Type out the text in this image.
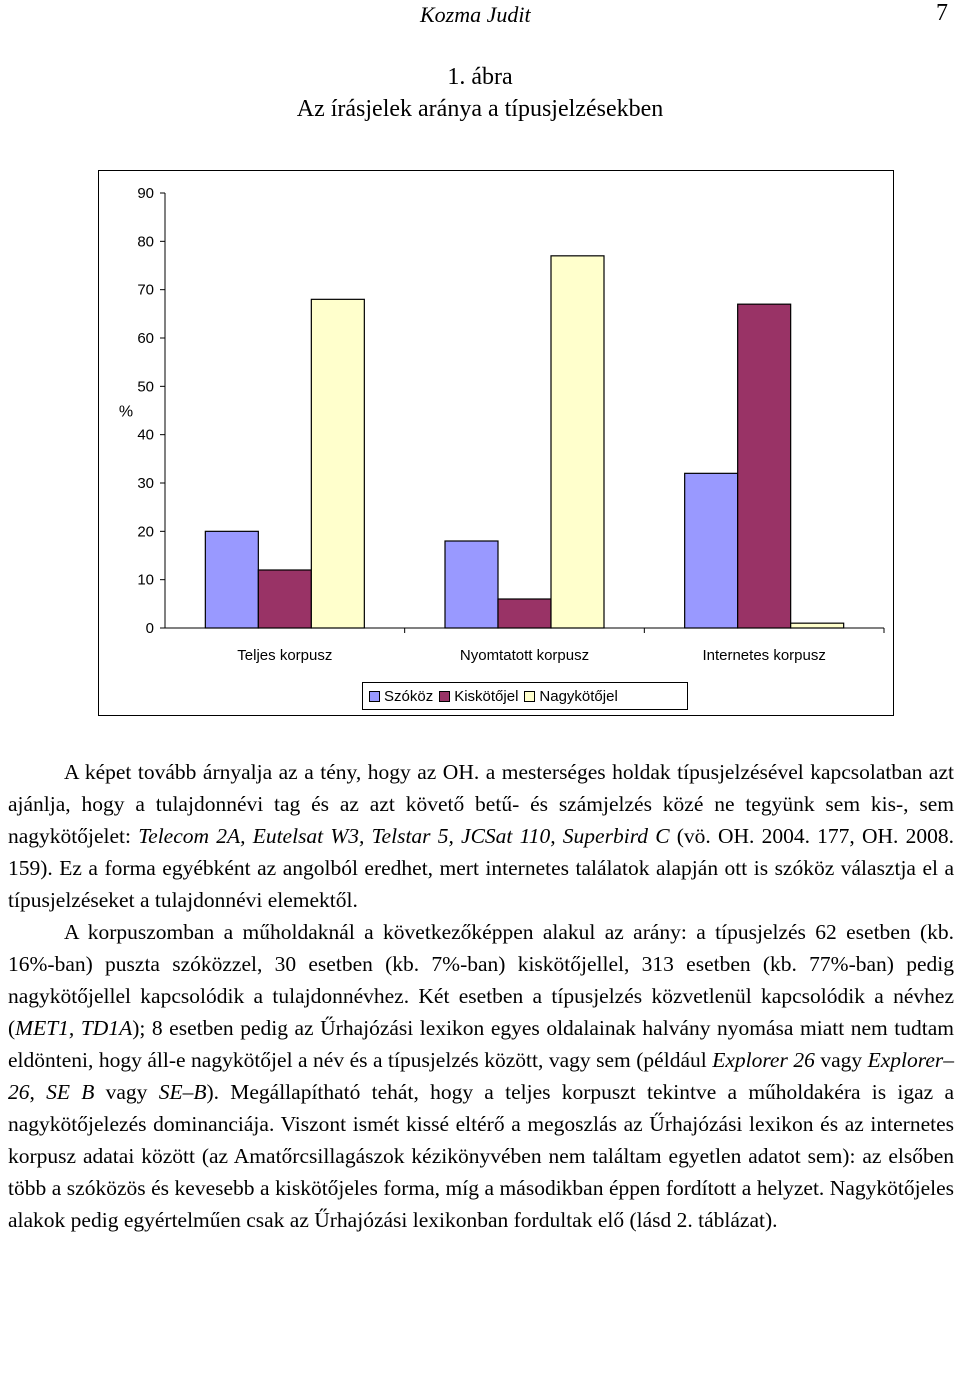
Kozma Judit	7
1. ábra
Az írásjelek aránya a típusjelzésekben
0
10
20
30
40
50
60
70
80
90
%
Teljes korpusz	Nyomtatott korpusz	Internetes korpusz
Szóköz Kiskötőjel Nagykötőjel

A képet tovább árnyalja az a tény, hogy az OH. a mesterséges holdak típusjelzésével kapcsolatban azt ajánlja, hogy a tulajdonnévi tag és az azt követő betű- és számjelzés közé ne tegyünk sem kis-, sem nagykötőjelet: Telecom 2A, Eutelsat W3, Telstar 5, JCSat 110, Superbird C (vö. OH. 2004. 177, OH. 2008. 159). Ez a forma egyébként az angolból eredhet, mert internetes találatok alapján ott is szóköz választja el a típusjelzéseket a tulajdonnévi elemektől.

A korpuszomban a műholdaknál a következőképpen alakul az arány: a típusjelzés 62 esetben (kb. 16%-ban) puszta szóközzel, 30 esetben (kb. 7%-ban) kiskötőjellel, 313 esetben (kb. 77%-ban) pedig nagykötőjellel kapcsolódik a tulajdonnévhez. Két esetben a típusjelzés közvetlenül kapcsolódik a névhez (MET1, TD1A); 8 esetben pedig az Űrhajózási lexikon egyes oldalainak halvány nyomása miatt nem tudtam eldönteni, hogy áll-e nagykötőjel a név és a típusjelzés között, vagy sem (például Explorer 26 vagy Explorer–26, SE B vagy SE–B). Megállapítható tehát, hogy a teljes korpuszt tekintve a műholdakéra is igaz a nagykötőjelezés dominanciája. Viszont ismét kissé eltérő a megoszlás az Űrhajózási lexikon és az internetes korpusz adatai között (az Amatőrcsillagászok kézikönyvében nem találtam egyetlen adatot sem): az elsőben több a szóközös és kevesebb a kiskötőjeles forma, míg a másodikban éppen fordított a helyzet. Nagykötőjeles alakok pedig egyértelműen csak az Űrhajózási lexikonban fordultak elő (lásd 2. táblázat).
